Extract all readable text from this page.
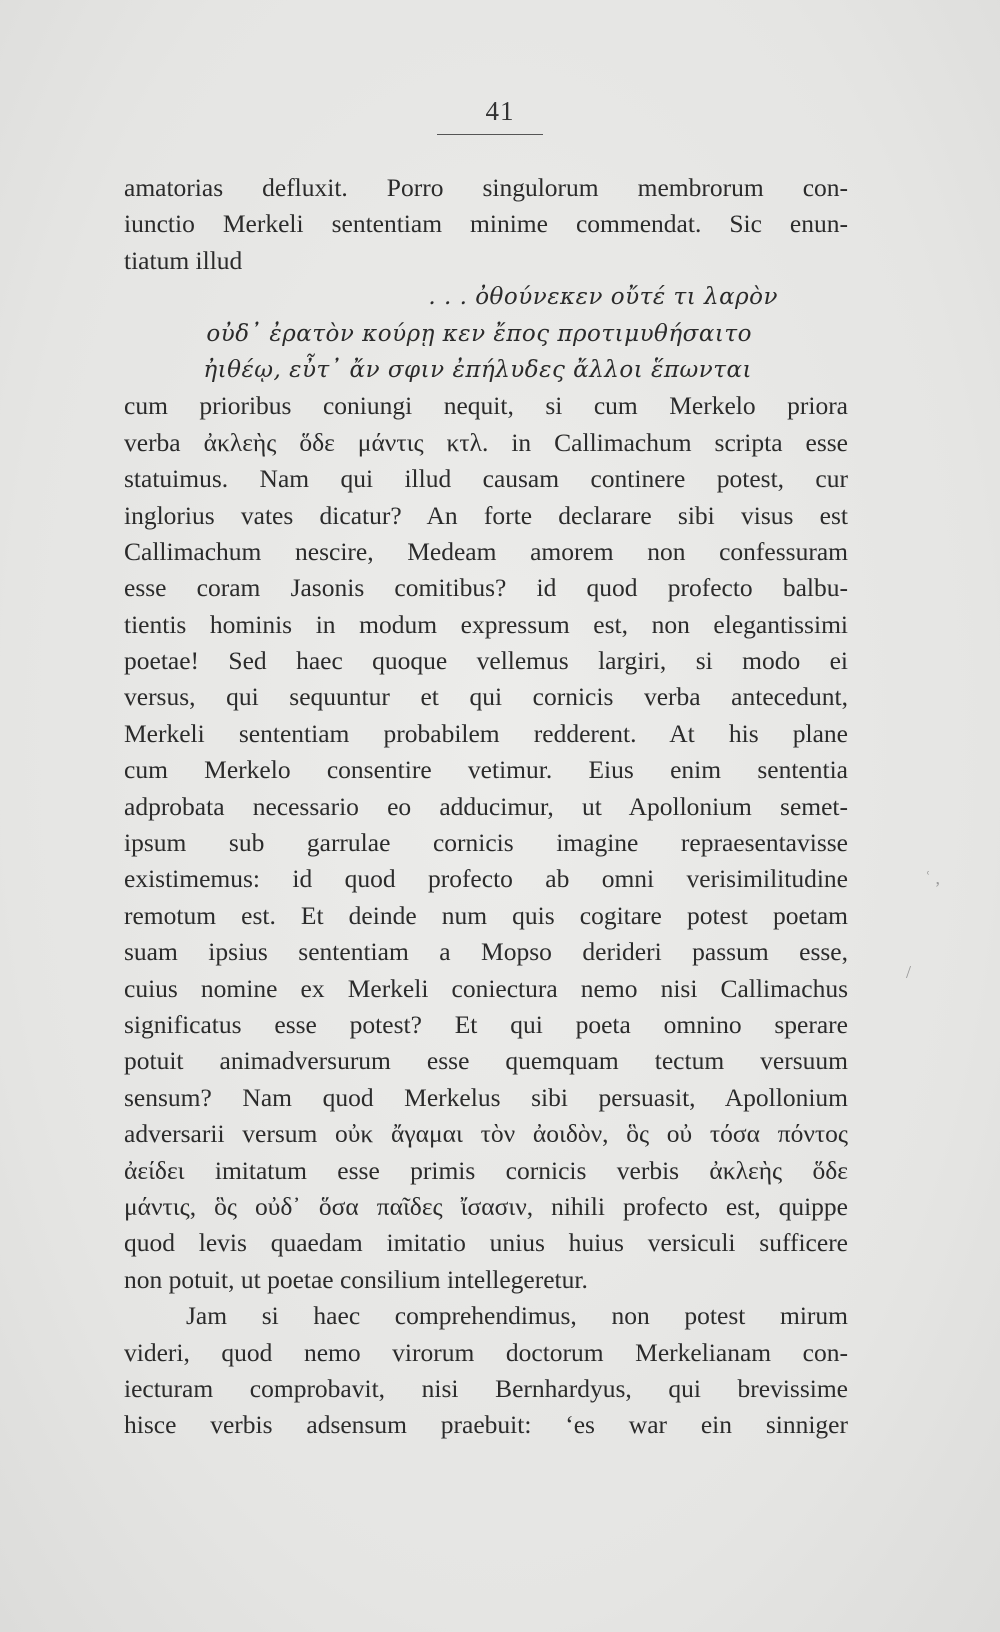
41
amatorias defluxit. Porro singulorum membrorum con-
iunctio Merkeli sententiam minime commendat. Sic enun-
tiatum illud
. . . ὀθούνεκεν οὔτέ τι λαρὸν
οὐδ᾽ ἐρατὸν κούρῃ κεν ἔπος προτιμυθήσαιτο
ἠιθέῳ, εὖτ᾽ ἄν σφιν ἐπήλυδες ἄλλοι ἕπωνται
cum prioribus coniungi nequit, si cum Merkelo priora
verba ἀκλεὴς ὅδε μάντις κτλ. in Callimachum scripta esse
statuimus. Nam qui illud causam continere potest, cur
inglorius vates dicatur? An forte declarare sibi visus est
Callimachum nescire, Medeam amorem non confessuram
esse coram Jasonis comitibus? id quod profecto balbu-
tientis hominis in modum expressum est, non elegantissimi
poetae! Sed haec quoque vellemus largiri, si modo ei
versus, qui sequuntur et qui cornicis verba antecedunt,
Merkeli sententiam probabilem redderent. At his plane
cum Merkelo consentire vetimur. Eius enim sententia
adprobata necessario eo adducimur, ut Apollonium semet-
ipsum sub garrulae cornicis imagine repraesentavisse
existimemus: id quod profecto ab omni verisimilitudine
remotum est. Et deinde num quis cogitare potest poetam
suam ipsius sententiam a Mopso derideri passum esse,
cuius nomine ex Merkeli coniectura nemo nisi Callimachus
significatus esse potest? Et qui poeta omnino sperare
potuit animadversurum esse quemquam tectum versuum
sensum? Nam quod Merkelus sibi persuasit, Apollonium
adversarii versum οὐκ ἄγαμαι τὸν ἀοιδὸν, ὃς οὐ τόσα πόντος
ἀείδει imitatum esse primis cornicis verbis ἀκλεὴς ὅδε
μάντις, ὃς οὐδ᾽ ὅσα παῖδες ἴσασιν, nihili profecto est, quippe
quod levis quaedam imitatio unius huius versiculi sufficere
non potuit, ut poetae consilium intellegeretur.
Jam si haec comprehendimus, non potest mirum
videri, quod nemo virorum doctorum Merkelianam con-
iecturam comprobavit, nisi Bernhardyus, qui brevissime
hisce verbis adsensum praebuit: ‘es war ein sinniger
ʿ ,
/
